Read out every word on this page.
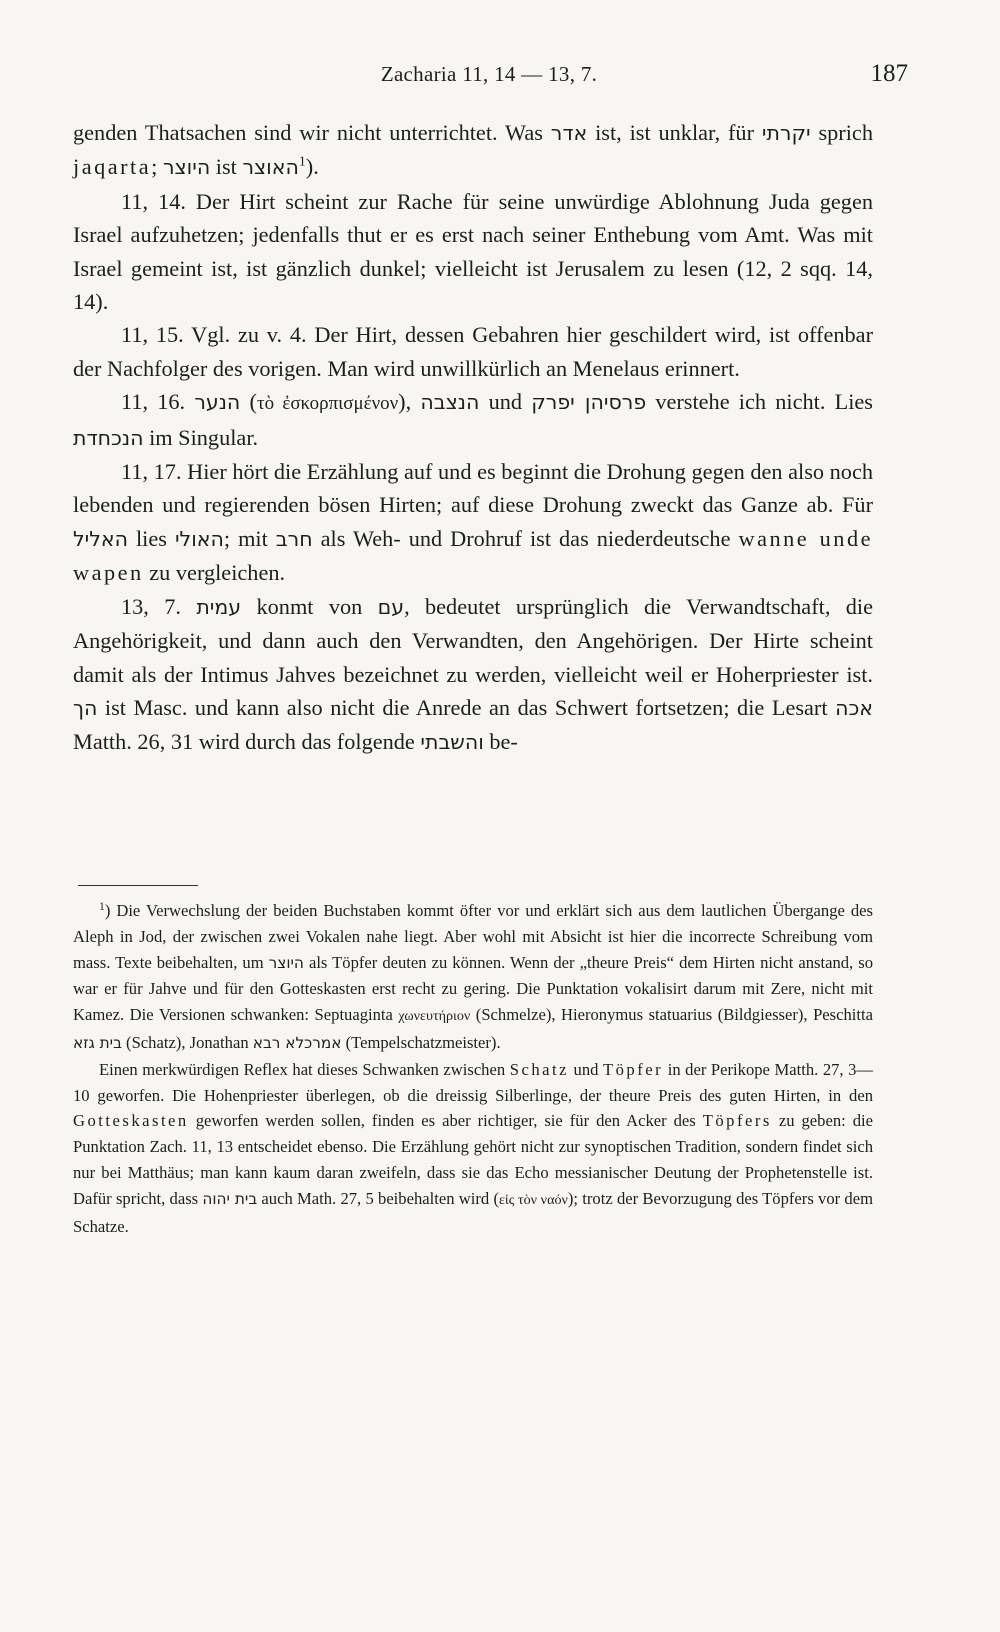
Zacharia 11, 14 — 13, 7.	187

genden Thatsachen sind wir nicht unterrichtet. Was אדר ist, ist unklar, für יקרתי sprich jaqarta; היוצר ist האוצר$^1$).

11, 14. Der Hirt scheint zur Rache für seine unwürdige Ablohnung Juda gegen Israel aufzuhetzen; jedenfalls thut er es erst nach seiner Enthebung vom Amt. Was mit Israel gemeint ist, ist gänzlich dunkel; vielleicht ist Jerusalem zu lesen (12, 2 sqq. 14, 14).

11, 15. Vgl. zu v. 4. Der Hirt, dessen Gebahren hier geschildert wird, ist offenbar der Nachfolger des vorigen. Man wird unwillkürlich an Menelaus erinnert.

11, 16. הנער (τὸ ἐσκορπισμένον), הנצבה und פרסיהן יפרק verstehe ich nicht. Lies הנכחדת im Singular.

11, 17. Hier hört die Erzählung auf und es beginnt die Drohung gegen den also noch lebenden und regierenden bösen Hirten; auf diese Drohung zweckt das Ganze ab. Für האליל lies האולי; mit חרב als Weh- und Drohruf ist das niederdeutsche wanne unde wapen zu vergleichen.

13, 7. עמית konmt von עם, bedeutet ursprünglich die Verwandtschaft, die Angehörigkeit, und dann auch den Verwandten, den Angehörigen. Der Hirte scheint damit als der Intimus Jahves bezeichnet zu werden, vielleicht weil er Hoherpriester ist. הך ist Masc. und kann also nicht die Anrede an das Schwert fortsetzen; die Lesart אכה Matth. 26, 31 wird durch das folgende והשבתי be-

$^1$) Die Verwechslung der beiden Buchstaben kommt öfter vor und erklärt sich aus dem lautlichen Übergange des Aleph in Jod, der zwischen zwei Vokalen nahe liegt. Aber wohl mit Absicht ist hier die incorrecte Schreibung vom mass. Texte beibehalten, um היוצר als Töpfer deuten zu können. Wenn der „theure Preis“ dem Hirten nicht anstand, so war er für Jahve und für den Gotteskasten erst recht zu gering. Die Punktation vokalisirt darum mit Zere, nicht mit Kamez. Die Versionen schwanken: Septuaginta χωνευτήριον (Schmelze), Hieronymus statuarius (Bildgiesser), Peschitta בית גזא (Schatz), Jonathan אמרכלא רבא (Tempelschatzmeister).

Einen merkwürdigen Reflex hat dieses Schwanken zwischen Schatz und Töpfer in der Perikope Matth. 27, 3—10 geworfen. Die Hohenpriester überlegen, ob die dreissig Silberlinge, der theure Preis des guten Hirten, in den Gotteskasten geworfen werden sollen, finden es aber richtiger, sie für den Acker des Töpfers zu geben: die Punktation Zach. 11, 13 entscheidet ebenso. Die Erzählung gehört nicht zur synoptischen Tradition, sondern findet sich nur bei Matthäus; man kann kaum daran zweifeln, dass sie das Echo messianischer Deutung der Prophetenstelle ist. Dafür spricht, dass בית יהוה auch Math. 27, 5 beibehalten wird (εἰς τὸν ναόν); trotz der Bevorzugung des Töpfers vor dem Schatze.
